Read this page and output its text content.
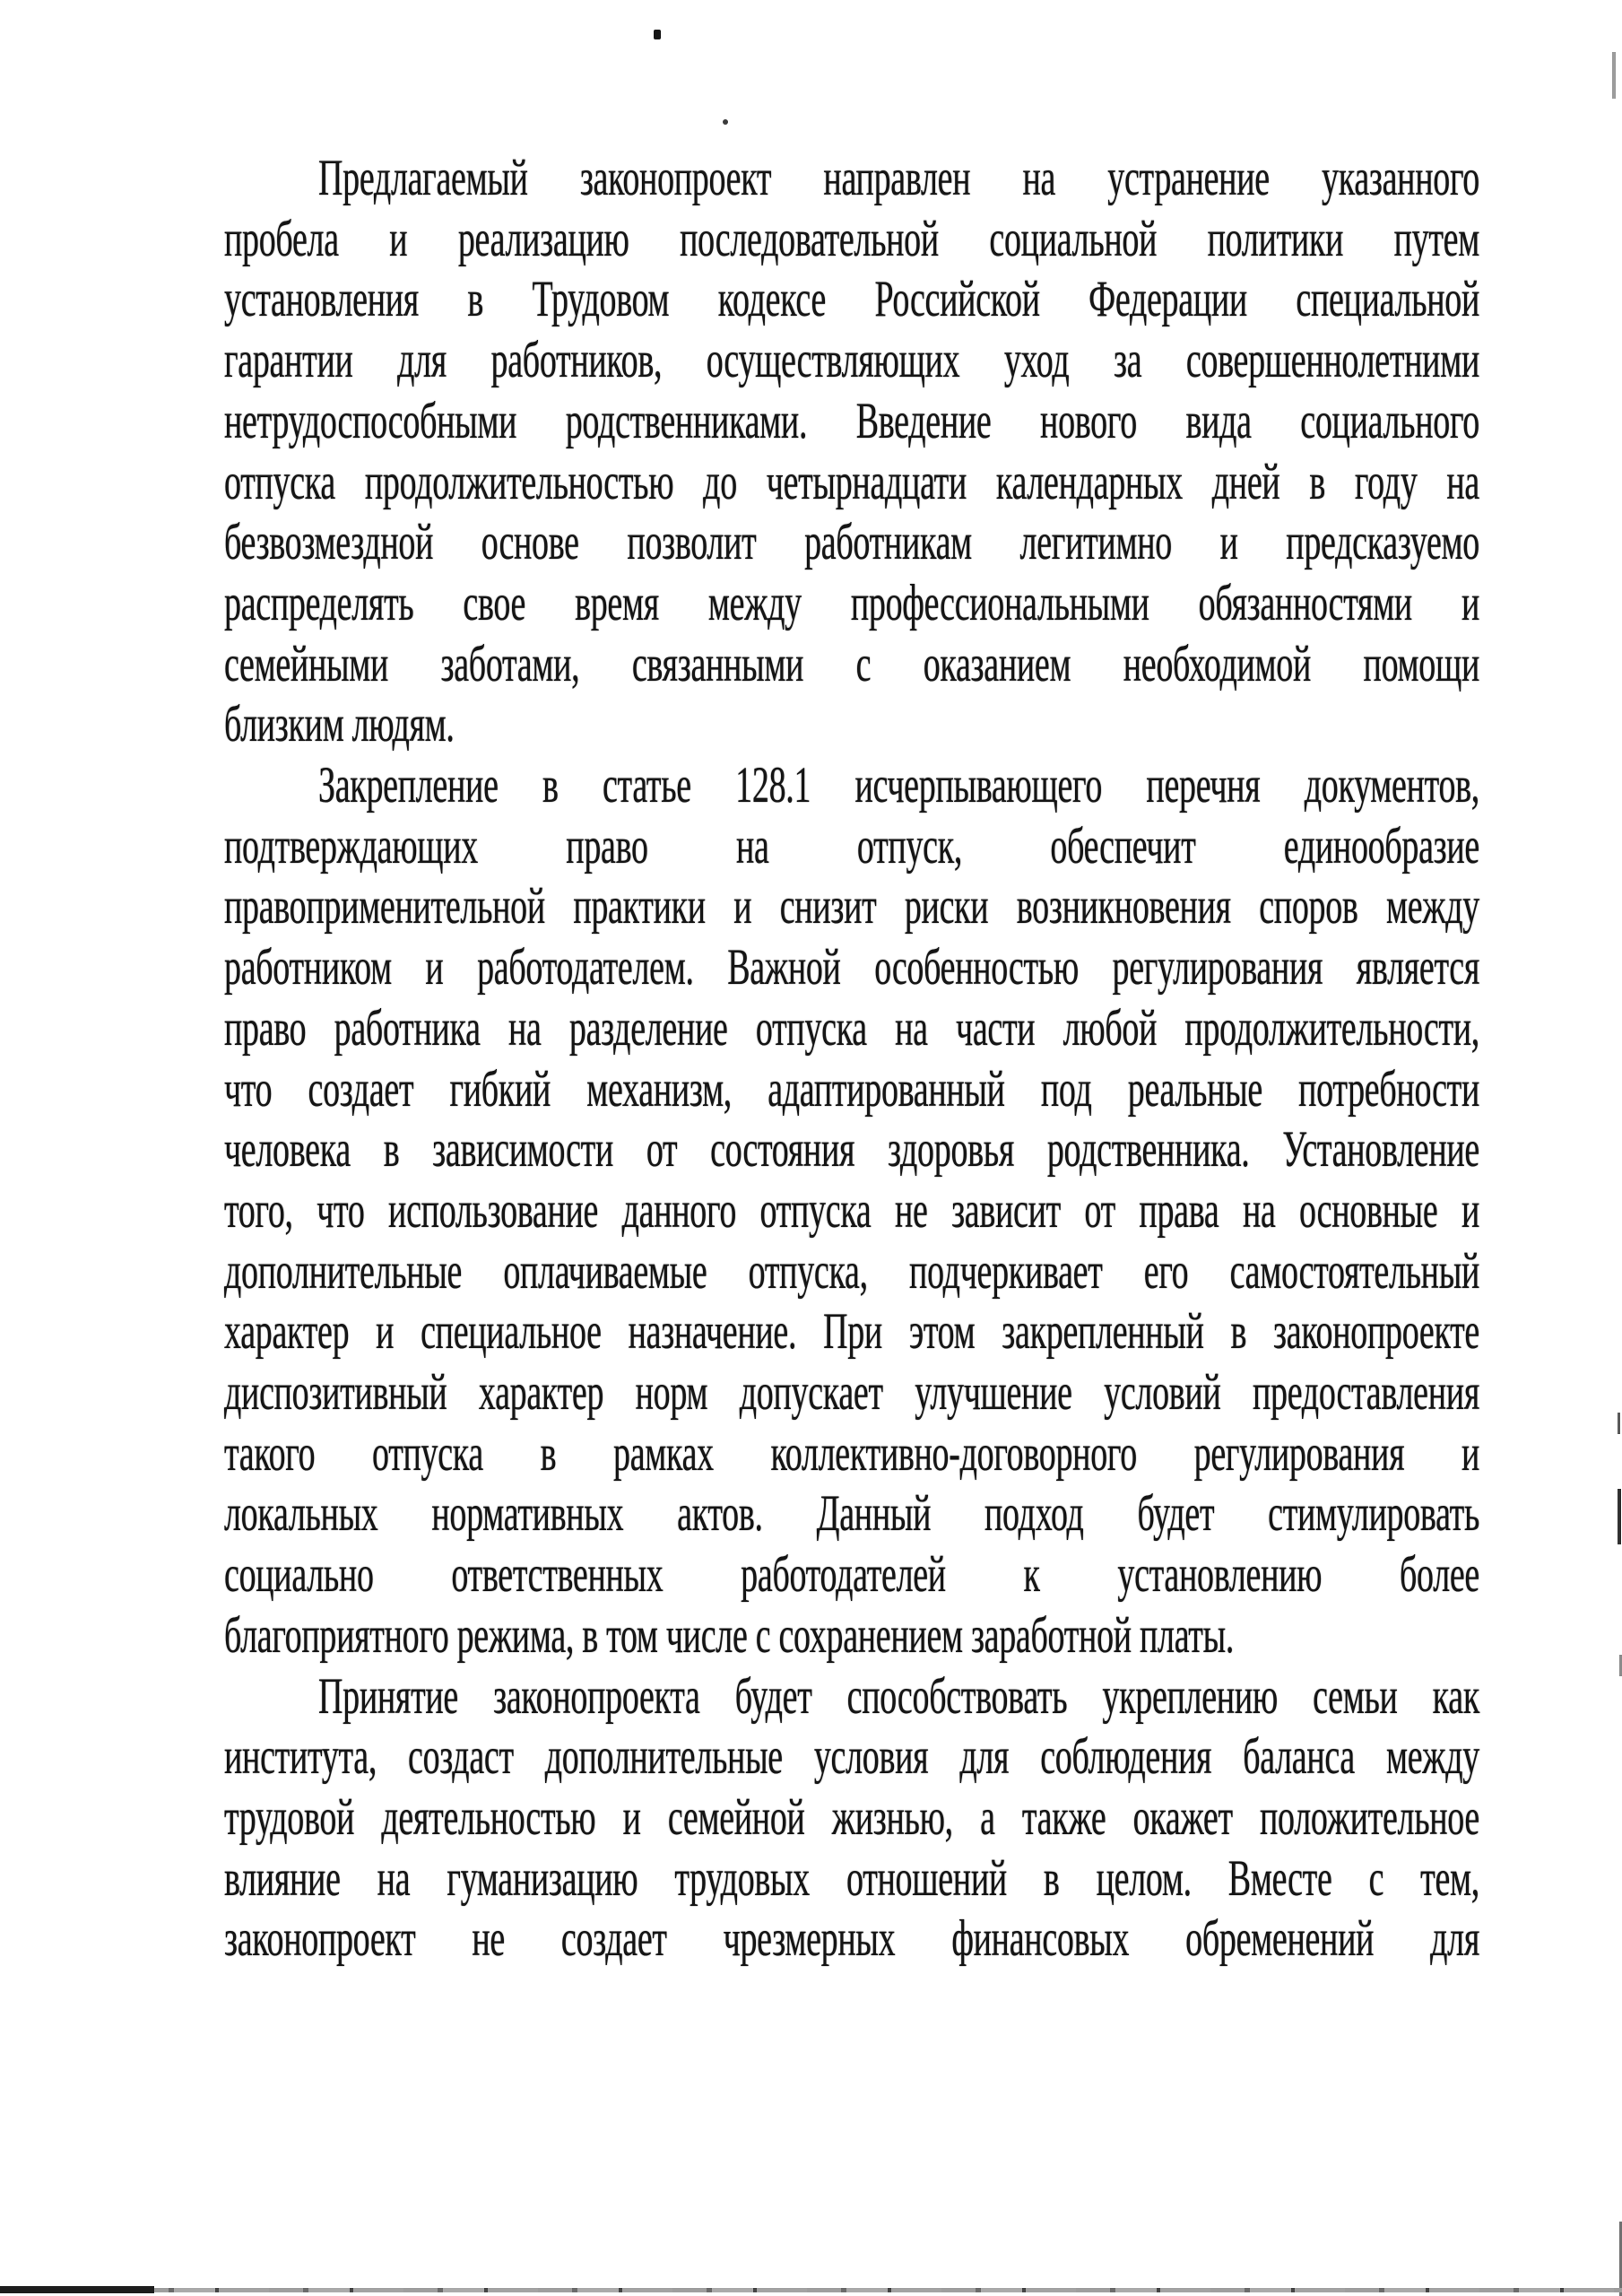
Предлагаемый законопроект направлен на устранение указанного
пробела и реализацию последовательной социальной политики путем
установления в Трудовом кодексе Российской Федерации специальной
гарантии для работников, осуществляющих уход за совершеннолетними
нетрудоспособными родственниками. Введение нового вида социального
отпуска продолжительностью до четырнадцати календарных дней в году на
безвозмездной основе позволит работникам легитимно и предсказуемо
распределять свое время между профессиональными обязанностями и
семейными заботами, связанными с оказанием необходимой помощи
близким людям.
Закрепление в статье 128.1 исчерпывающего перечня документов,
подтверждающих право на отпуск, обеспечит единообразие
правоприменительной практики и снизит риски возникновения споров между
работником и работодателем. Важной особенностью регулирования является
право работника на разделение отпуска на части любой продолжительности,
что создает гибкий механизм, адаптированный под реальные потребности
человека в зависимости от состояния здоровья родственника. Установление
того, что использование данного отпуска не зависит от права на основные и
дополнительные оплачиваемые отпуска, подчеркивает его самостоятельный
характер и специальное назначение. При этом закрепленный в законопроекте
диспозитивный характер норм допускает улучшение условий предоставления
такого отпуска в рамках коллективно-договорного регулирования и
локальных нормативных актов. Данный подход будет стимулировать
социально ответственных работодателей к установлению более
благоприятного режима, в том числе с сохранением заработной платы.
Принятие законопроекта будет способствовать укреплению семьи как
института, создаст дополнительные условия для соблюдения баланса между
трудовой деятельностью и семейной жизнью, а также окажет положительное
влияние на гуманизацию трудовых отношений в целом. Вместе с тем,
законопроект не создает чрезмерных финансовых обременений для
